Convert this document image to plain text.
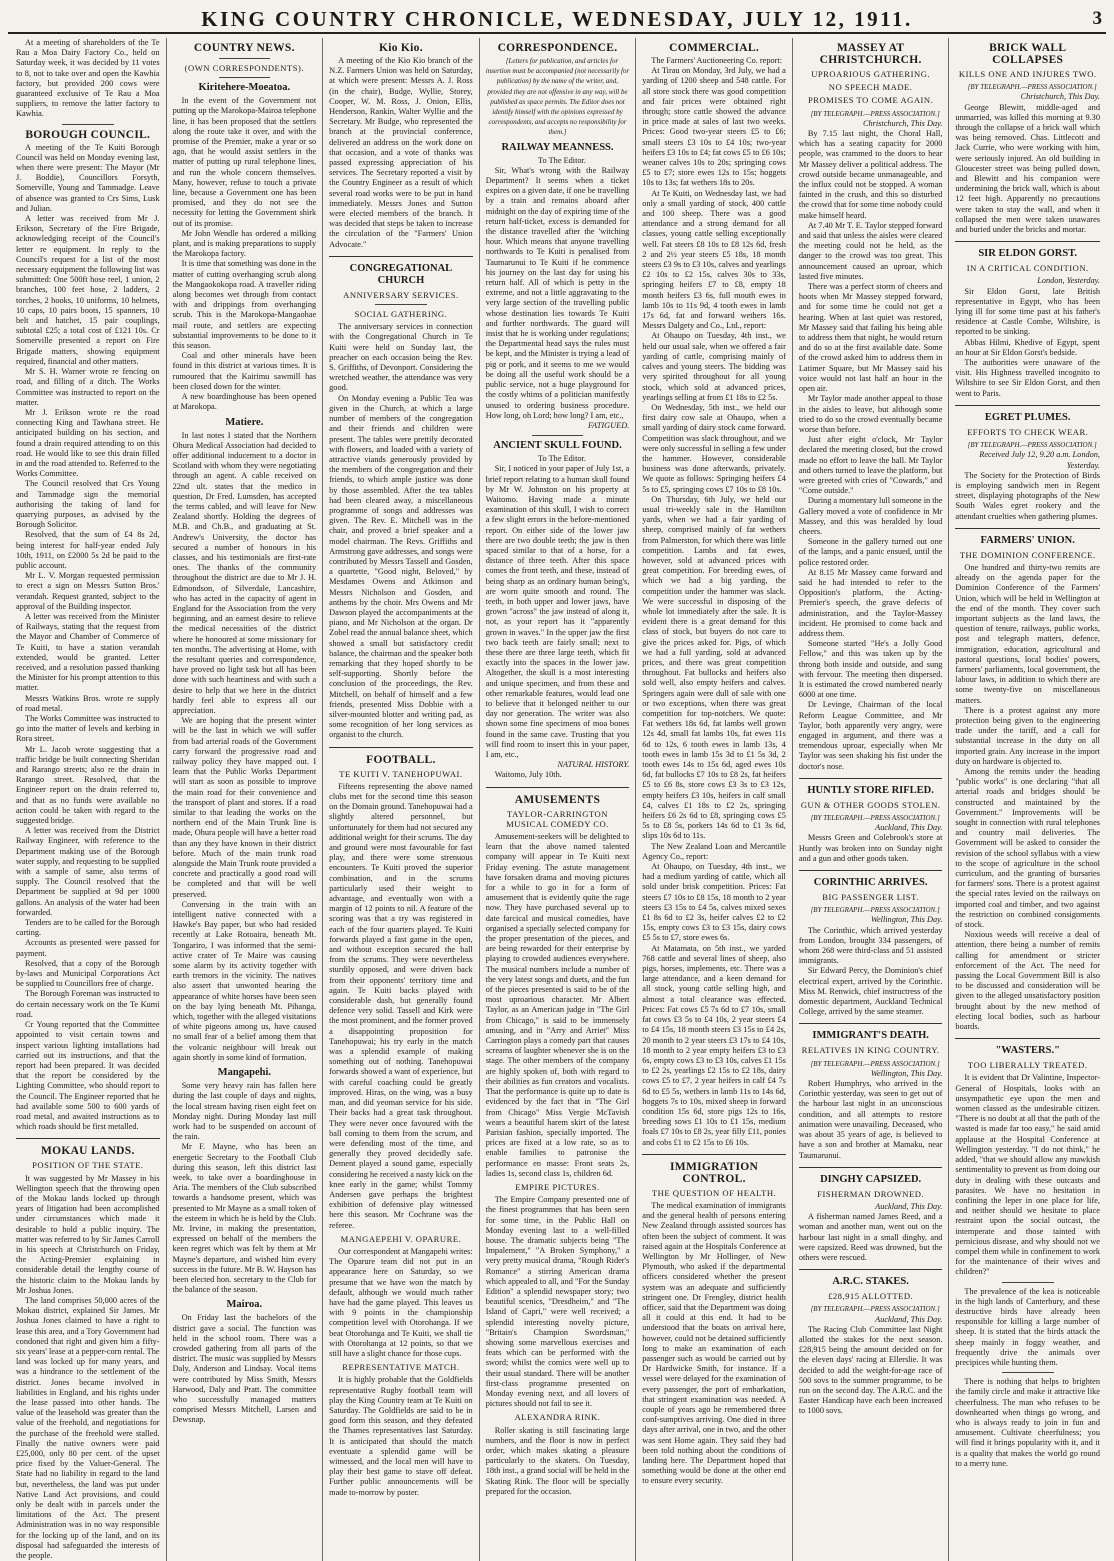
KING COUNTRY CHRONICLE, WEDNESDAY, JULY 12, 1911.	3

At a meeting of shareholders of the Te Rau a Moa Dairy Factory Co., held on Saturday week, it was decided by 11 votes to 8, not to take over and open the Kawhia factory, but provided 200 cows were guaranteed exclusive of Te Rau a Moa suppliers, to remove the latter factory to Kawhia.

BOROUGH COUNCIL.

A meeting of the Te Kuiti Borough Council was held on Monday evening last, when there were present: The Mayor (Mr J. Boddie), Councillors Forsyth, Somerville, Young and Tammadge. Leave of absence was granted to Crs Sims, Lusk and Julian.

A letter was received from Mr J. Erikson, Secretary of the Fire Brigade, acknowledging receipt of the Council's letter re equipment. In reply to the Council's request for a list of the most necessary equipment the following list was submitted: One 500ft hose reel, 1 union, 2 branches, 100 feet hose, 2 ladders, 2 torches, 2 hooks, 10 uniforms, 10 helmets, 10 caps, 10 pairs boots, 15 spanners, 10 belt and hatchet, 15 pair couplings, subtotal £25; a total cost of £121 10s. Cr Somerville presented a report on Fire Brigade matters, showing equipment required, financial and other matters.

Mr S. H. Warner wrote re fencing on road, and filling of a ditch. The Works Committee was instructed to report on the matter.

Mr J. Erikson wrote re the road connecting King and Tawhana street. He anticipated building on his section, and found a drain required attending to on this road. He would like to see this drain filled in and the road attended to. Referred to the Works Committee.

The Council resolved that Crs Young and Tammadge sign the memorial authorising the taking of land for quarrying purposes, as advised by the Borough Solicitor.

Resolved, that the sum of £4 8s 2d, being interest for half-year ended July 10th, 1911, on £2000 5s 2d be paid to the public account.

Mr L. V. Morgan requested permission to erect a sign on Messrs Sutton Bros.' verandah. Request granted, subject to the approval of the Building inspector.

A letter was received from the Minister of Railways, stating that the request from the Mayor and Chamber of Commerce of Te Kuiti, to have a station verandah extended, would be granted. Letter received, and a resolution passed thanking the Minister for his prompt attention to this matter.

Messrs Watkins Bros. wrote re supply of road metal.

The Works Committee was instructed to go into the matter of levels and kerbing in Rora street.

Mr L. Jacob wrote suggesting that a traffic bridge be built connecting Sheridan and Rarango streets; also re the drain in Rarango street. Resolved, that the Engineer report on the drain referred to, and that as no funds were available no action could be taken with regard to the suggested bridge.

A letter was received from the District Railway Engineer, with reference to the Department making use of the Borough water supply, and requesting to be supplied with a sample of same, also terms of supply. The Council resolved that the Department be supplied at 9d per 1000 gallons. An analysis of the water had been forwarded.

Tenders are to be called for the Borough carting.

Accounts as presented were passed for payment.

Resolved, that a copy of the Borough by-laws and Municipal Corporations Act be supplied to Councillors free of charge.

The Borough Foreman was instructed to do certain necessary work on the Te Kumi road.

Cr Young reported that the Committee appointed to visit certain towns and inspect various lighting installations had carried out its instructions, and that the report had been prepared. It was decided that the report be considered by the Lighting Committee, who should report to the Council. The Engineer reported that he had available some 500 to 600 yards of road metal, and awaited instructions as to which roads should be first metalled.

MOKAU LANDS.
POSITION OF THE STATE.

It was suggested by Mr Massey in his Wellington speech that the throwing open of the Mokau lands locked up through years of litigation had been accomplished under circumstances which made it desirable to hold a public inquiry. The matter was referred to by Sir James Carroll in his speech at Christchurch on Friday, the Acting-Premier explaining in considerable detail the lengthy course of the historic claim to the Mokau lands by Mr Joshua Jones.

The land comprises 50,000 acres of the Mokau district, explained Sir James. Mr Joshua Jones claimed to have a right to lease this area, and a Tory Government had condoned that right and given him a fifty-six years' lease at a pepper-corn rental. The land was locked up for many years, and was a hindrance to the settlement of the district. Jones became involved in liabilities in England, and his rights under the lease passed into other hands. The value of the leasehold was greater than the value of the freehold, and negotiations for the purchase of the freehold were stalled. Finally the native owners were paid £25,000, only 80 per cent. of the upset price fixed by the Valuer-General. The State had no liability in regard to the land but, nevertheless, the land was put under Native Land Act provisions, and could only be dealt with in parcels under the limitations of the Act. The present Administration was in no way responsible for the locking up of the land, and on its disposal had safeguarded the interests of the people.

COUNTRY NEWS.
(OWN CORRESPONDENTS).
Kiritehere-Moeatoa.

In the event of the Government not putting up the Marokopa-Mairoa telephone line, it has been proposed that the settlers along the route take it over, and with the promise of the Premier, make a year or so ago, that he would assist settlers in the matter of putting up rural telephone lines, and run the whole concern themselves. Many, however, refuse to touch a private line, because a Government one has been promised, and they do not see the necessity for letting the Government shirk out of its promise.

Mr John Wendle has ordered a milking plant, and is making preparations to supply the Marokopa factory.

It is time that something was done in the matter of cutting overhanging scrub along the Mangaokokopa road. A traveller riding along becomes wet through from contact with and drippings from overhanging scrub. This is the Marokopa-Mangaohae mail route, and settlers are expecting substantial improvements to be done to it this season.

Coal and other minerals have been found in this district at various times. It is rumoured that the Kairimu sawmill has been closed down for the winter.

A new boardinghouse has been opened at Marokopa.

Matiere.

In last notes I stated that the Northern Ohura Medical Association had decided to offer additional inducement to a doctor in Scotland with whom they were negotiating through an agent. A cable received on 22nd ult. states that the medico in question, Dr Fred. Lumsden, has accepted the terms cabled, and will leave for New Zealand shortly. Holding the degrees of M.B. and Ch.B., and graduating at St. Andrew's University, the doctor has secured a number of honours in his classes, and his testimonials are first-rate ones. The thanks of the community throughout the district are due to Mr J. H. Edmondson, of Silverdale, Lancashire, who has acted in the capacity of agent in England for the Association from the very beginning, and an earnest desire to relieve the medical necessities of the district where he honoured at some missionary for ten months. The advertising at Home, with the resultant queries and correspondence, have proved no light task but all has been done with such heartiness and with such a desire to help that we here in the district hardly feel able to express all our appreciation.

We are hoping that the present winter will be the last in which we will suffer from bad arterial roads of the Government carry forward the progressive road and railway policy they have mapped out. I learn that the Public Works Department will start as soon as possible to improve the main road for their convenience and the transport of plant and stores. If a road similar to that leading the works on the northern end of the Main Trunk line is made, Ohura people will have a better road than any they have known in their district before. Much of the main trunk road alongside the Main Trunk route provided a concrete and practically a good road will be completed and that will be well preserved.

Conversing in the train with an intelligent native connected with a Hawke's Bay paper, but who had resided recently at Lake Rotoaira, beneath Mt. Tongariro, I was informed that the semi-active crater of Te Maire was causing some alarm by its activity together with earth tremors in the vicinity. The natives also assert that unwonted hearing the appearance of white horses have been seen on the bay lying beneath Mt. Pihanga, which, together with the alleged visitations of white pigeons among us, have caused no small fear of a belief among them that the volcanic neighbour will break out again shortly in some kind of formation.

Mangapehi.

Some very heavy rain has fallen here during the last couple of days and nights, the local stream having risen eight feet on Monday night. During Monday last mill work had to be suspended on account of the rain.

Mr F. Mayne, who has been an energetic Secretary to the Football Club during this season, left this district last week, to take over a boardinghouse in Aria. The members of the Club subscribed towards a handsome present, which was presented to Mr Mayne as a small token of the esteem in which he is held by the Club. Mr. Irvine, in making the presentation, expressed on behalf of the members the keen regret which was felt by them at Mr Mayne's departure, and wished him every success in the future. Mr B. W. Hayson has been elected hon. secretary to the Club for the balance of the season.

Mairoa.

On Friday last the bachelors of the district gave a social. The function was held in the school room. There was a crowded gathering from all parts of the district. The music was supplied by Messrs Daly, Anderson and Lindsay. Vocal items were contributed by Miss Smith, Messrs Harwood, Daly and Pratt. The committee who successfully managed matters comprised Messrs Mitchell, Larsen and Dewsnap.

Kio Kio.

A meeting of the Kio Kio branch of the N.Z. Farmers Union was held on Saturday, at which were present: Messrs A. J. Ross (in the chair), Budge, Wyllie, Storey, Cooper, W. M. Ross, J. Onion, Ellis, Henderson, Rankin, Walter Wyllie and the Secretary. Mr Budge, who represented the branch at the provincial conference, delivered an address on the work done on that occasion, and a vote of thanks was passed expressing appreciation of his services. The Secretary reported a visit by the Country Engineer as a result of which several road works were to be put in hand immediately. Messrs Jones and Sutton were elected members of the branch. It was decided that steps be taken to increase the circulation of the "Farmers' Union Advocate."

CONGREGATIONAL CHURCH
ANNIVERSARY SERVICES.
SOCIAL GATHERING.

The anniversary services in connection with the Congregational Church in Te Kuiti were held on Sunday last, the preacher on each occasion being the Rev. S. Griffiths, of Devonport. Considering the wretched weather, the attendance was very good.

On Monday evening a Public Tea was given in the Church, at which a large number of members of the congregation and their friends and children were present. The tables were prettily decorated with flowers, and loaded with a variety of attractive viands generously provided by the members of the congregation and their friends, to which ample justice was done by those assembled. After the tea tables had been cleared away, a miscellaneous programme of songs and addresses was given. The Rev. E. Mitchell was in the chair, and proved a brief speaker and a model chairman. The Revs. Griffiths and Armstrong gave addresses, and songs were contributed by Messrs Tassell and Gosden, a quartette, "Good night, Beloved," by Mesdames Owens and Atkinson and Messrs Nicholson and Gosden, and anthems by the choir. Mrs Owens and Mr Dawson played the accompaniments at the piano, and Mr Nicholson at the organ. Dr Zobel read the annual balance sheet, which showed a small but satisfactory credit balance, the chairman and the speaker both remarking that they hoped shortly to be self-supporting. Shortly before the conclusion of the proceedings, the Rev. Mitchell, on behalf of himself and a few friends, presented Miss Dobbie with a silver-mounted blotter and writing pad, as some recognition of her long services as organist to the church.

FOOTBALL.
TE KUITI V. TANEHOPUWAI.

Fifteens representing the above named clubs met for the second time this season on the Domain ground. Tanehopuwai had a slightly altered personnel, but unfortunately for them had not secured any additional weight for their scrums. The day and ground were most favourable for fast play, and there were some strenuous encounters. Te Kuiti proved the superior combination, and in the scrums particularly used their weight to advantage, and eventually won with a margin of 12 points to nil. A feature of the scoring was that a try was registered in each of the four quarters played. Te Kuiti forwards played a fast game in the open, and without exception secured the ball from the scrums. They were nevertheless sturdily opposed, and were driven back from their opponents' territory time and again. Te Kuiti backs played with considerable dash, but generally found defence very solid. Tassell and Kirk were the most prominent, and the former proved a disappointing proposition for Tanehopuwai; his try early in the match was a splendid example of making something out of nothing. Tanehopuwai forwards showed a want of experience, but with careful coaching could be greatly improved. Hiras, on the wing, was a busy man, and did yeoman service for his side. Their backs had a great task throughout. They were never once favoured with the ball coming to them from the scrum, and were defending most of the time, and generally they proved decidedly safe. Dement played a sound game, especially considering he received a nasty kick on the knee early in the game; whilst Tommy Andersen gave perhaps the brightest exhibition of defensive play witnessed here this season. Mr Cochrane was the referee.

MANGAEPEHI V. OPARURE.

Our correspondent at Mangapehi writes: The Oparure team did not put in an appearance here on Saturday, so we presume that we have won the match by default, although we would much rather have had the game played. This leaves us with 9 points in the championship competition level with Otorohanga. If we beat Otorohanga and Te Kuiti, we shall tie with Otorohanga at 12 points, so that we still have a slight chance for those cups.

REPRESENTATIVE MATCH.

It is highly probable that the Goldfields representative Rugby football team will play the King Country team at Te Kuiti on Saturday. The Goldfields are said to be in good form this season, and they defeated the Thames representatives last Saturday. It is anticipated that should the match eventuate a splendid game will be witnessed, and the local men will have to play their best game to stave off defeat. Further public announcements will be made to-morrow by poster.

CORRESPONDENCE.

[Letters for publication, and articles for insertion must be accompanied (not necessarily for publication) by the name of the writer, and, provided they are not offensive in any way, will be published as space permits. The Editor does not identify himself with the opinions expressed by correspondents, and accepts no responsibility for them.]

RAILWAY MEANNESS.

To The Editor.

Sir, What's wrong with the Railway Department? It seems when a ticket expires on a given date, if one be travelling by a train and remains aboard after midnight on the day of expiring time of the return half-ticket, excess is demanded for the distance travelled after the 'witching hour. Which means that anyone travelling northwards to Te Kuiti is penalised from Taumarunui to Te Kuiti if he commence his journey on the last day for using his return half. All of which is petty in the extreme, and not a little aggravating to the very large section of the travelling public whose destination lies towards Te Kuiti and further northwards. The guard will insist that he is working under regulations; the Departmental head says the rules must be kept, and the Minister is trying a lead of pig or pork, and it seems to me we would be doing all the useful work should be a public service, not a huge playground for the costly whims of a politician manifestly unused to ordering business procedure. How long, oh Lord; how long? I am, etc.,

FATIGUED.

ANCIENT SKULL FOUND.

To The Editor.

Sir, I noticed in your paper of July 1st, a brief report relating to a human skull found by Mr W. Johnston on his property at Waitomo. Having made a minute examination of this skull, I wish to correct a few slight errors in the before-mentioned report. On either side of the lower jaw there are two double teeth; the jaw is then spaced similar to that of a horse, for a distance of three teeth. After this space comes the front teeth, and these, instead of being sharp as an ordinary human being's, are worn quite smooth and round. The teeth, in both upper and lower jaws, have grown "across" the jaw instead of along it, not, as your report has it "apparently grown in waves." In the upper jaw the first two back teeth are fairly small; next to these there are three large teeth, which fit exactly into the spaces in the lower jaw. Altogether, the skull is a most interesting and unique specimen, and from these and other remarkable features, would lead one to believe that it belonged neither to our day nor generation. The writer was also shown some fine specimens of moa bones found in the same cave. Trusting that you will find room to insert this in your paper, I am, etc.,

NATURAL HISTORY.

Waitomo, July 10th.

AMUSEMENTS
TAYLOR-CARRINGTON MUSICAL COMEDY CO.

Amusement-seekers will be delighted to learn that the above named talented company will appear in Te Kuiti next Friday evening. The astute management have forsaken drama and moving pictures for a while to go in for a form of amusement that is evidently quite the rage now. They have purchased several up to date farcical and musical comedies, have organised a specially selected company for the proper presentation of the pieces, and are being rewarded for their enterprise by playing to crowded audiences everywhere. The musical numbers include a number of the very latest songs and duets, and the fun of the pieces presented is said to be of the most uproarious character. Mr Albert Taylor, as an American judge in "The Girl from Chicago," is said to be immensely amusing, and in "Arry and Arriet" Miss Carrington plays a comedy part that causes screams of laughter whenever she is on the stage. The other members of the company are highly spoken of, both with regard to their abilities as fun creators and vocalists. That the performance is quite up to date is evidenced by the fact that in "The Girl from Chicago" Miss Vergie McTavish wears a beautiful harem skirt of the latest Parisian fashion, specially imported. The prices are fixed at a low rate, so as to enable families to patronise the performance en masse: Front seats 2s, ladies 1s, second class 1s, children 6d.

EMPIRE PICTURES.

The Empire Company presented one of the finest programmes that has been seen for some time, in the Public Hall on Monday evening last to a well-filled house. The dramatic subjects being "The Impalement," "A Broken Symphony," a very pretty musical drama, "Rough Rider's Romance" a stirring American drama which appealed to all, and "For the Sunday Edition" a splendid newspaper story; two beautiful scenics, "Dresdheim," and "The Island of Capri," were well received; a splendid interesting novelty picture, "Britain's Champion Swordsman," showing some marvellous exercises and feats which can be performed with the sword; whilst the comics were well up to their usual standard. There will be another first-class programme presented on Monday evening next, and all lovers of pictures should not fail to see it.

ALEXANDRA RINK.

Roller skating is still fascinating large numbers, and the floor is now in perfect order, which makes skating a pleasure particularly to the skaters. On Tuesday, 18th inst., a grand social will be held in the Skating Rink. The floor will be specially prepared for the occasion.

COMMERCIAL.

The Farmers' Auctioneering Co. report:

At Tirau on Monday, 3rd July, we had a yarding of 1200 sheep and 548 cattle. For all store stock there was good competition and fair prices were obtained right through; store cattle showed the advance in price made at sales of last two weeks. Prices: Good two-year steers £5 to £6; small steers £3 10s to £4 10s; two-year heifers £3 10s to £4; fat cows £5 to £6 10s; weaner calves 10s to 20s; springing cows £5 to £7; store ewes 12s to 15s; hoggets 10s to 13s; fat wethers 18s to 20s.

At Te Kuiti, on Wednesday last, we had only a small yarding of stock, 400 cattle and 100 sheep. There was a good attendance and a strong demand for all classes, young cattle selling exceptionally well. Fat steers £8 10s to £8 12s 6d, fresh 2 and 2½ year steers £5 18s, 18 month steers £3 9s to £3 10s, calves and yearlings £2 10s to £2 15s, calves 30s to 33s, springing heifers £7 to £8, empty 18 month heifers £3 6s, full mouth ewes in lamb 10s to 11s 9d, 4 tooth ewes in lamb 17s 6d, fat and forward wethers 16s. Messrs Dalgety and Co., Ltd., report:

At Ohaupo on Tuesday, 4th inst., we held our usual sale, when we offered a fair yarding of cattle, comprising mainly of calves and young steers. The bidding was very spirited throughout for all young stock, which sold at advanced prices, yearlings selling at from £1 18s to £2 5s.

On Wednesday, 5th inst., we held our first dairy cow sale at Ohaupo, when a small yarding of dairy stock came forward. Competition was slack throughout, and we were only successful in selling a few under the hammer. However, considerable business was done afterwards, privately. We quote as follows: Springing heifers £4 5s to £5, springing cows £7 10s to £8 10s.

On Thursday, 6th July, we held our usual tri-weekly sale in the Hamilton yards, when we had a fair yarding of sheep, comprised mainly of fat wethers from Palmerston, for which there was little competition. Lambs and fat ewes, however, sold at advanced prices with great competition. For breeding ewes, of which we had a big yarding, the competition under the hammer was slack. We were successful in disposing of the whole lot immediately after the sale. It is evident there is a great demand for this class of stock, but buyers do not care to give the prices asked for. Pigs, of which we had a full yarding, sold at advanced prices, and there was great competition throughout. Fat bullocks and heifers also sold well, also empty heifers and calves. Springers again were dull of sale with one or two exceptions, when there was great competition for top-notchers. We quote: Fat wethers 18s 6d, fat lambs well grown 12s 4d, small fat lambs 10s, fat ewes 11s 6d to 12s, 6 tooth ewes in lamb 13s, 4 tooth ewes in lamb 15s 3d to £1 5s 3d, 2 tooth ewes 14s to 15s 6d, aged ewes 10s 6d, fat bullocks £7 10s to £8 2s, fat heifers £5 to £6 8s, store cows £3 3s to £3 12s, empty heifers £3 10s, heifers in calf small £4, calves £1 18s to £2 2s, springing heifers £6 2s 6d to £8, springing cows £5 5s to £8 5s, porkers 14s 6d to £1 3s 6d, slips 10s 6d to 11s.

The New Zealand Loan and Mercantile Agency Co., report:

At Ohaupo, on Tuesday, 4th inst., we had a medium yarding of cattle, which all sold under brisk competition. Prices: Fat steers £7 10s to £8 15s, 18 month to 2 year steers £3 15s to £4 5s, calves mixed sexes £1 8s 6d to £2 3s, heifer calves £2 to £2 15s, empty cows £3 to £3 15s, dairy cows £5 5s to £7, store ewes 6s.

At Matamata, on 5th inst., we yarded 768 cattle and several lines of sheep, also pigs, horses, implements, etc. There was a large attendance, and a keen demand for all stock, young cattle selling high, and almost a total clearance was effected. Prices: Fat cows £5 7s 6d to £7 10s, small fat cows £3 5s to £4 10s, 2 year steers £4 to £4 15s, 18 month steers £3 15s to £4 2s, 20 month to 2 year steers £3 17s to £4 10s, 18 month to 2 year empty heifers £3 to £3 6s, empty cows £3 to £3 10s, calves £1 15s to £2 2s, yearlings £2 15s to £2 18s, dairy cows £5 to £7, 2 year heifers in calf £4 7s 6d to £5 5s, wethers in lamb 11s to 14s 6d, hoggets 7s to 10s, mixed sheep in forward condition 15s 6d, store pigs 12s to 16s, breeding sows £1 10s to £1 15s, medium foals £7 10s to £8 2s, year filly £11, ponies and cobs £1 to £2 15s to £6 10s.

IMMIGRATION CONTROL.
THE QUESTION OF HEALTH.

The medical examination of immigrants and the general health of persons entering New Zealand through assisted sources has often been the subject of comment. It was raised again at the Hospitals Conference at Wellington by Mr Hollinger, of New Plymouth, who asked if the departmental officers considered whether the present system was an adequate and sufficiently stringent one. Dr Frengley, district health officer, said that the Department was doing all it could at this end. It had to be understood that the boats on arrival here, however, could not be detained sufficiently long to make an examination of each passenger such as would be carried out by Dr Hardwicke Smith, for instance. If a vessel were delayed for the examination of every passenger, the port of embarkation, that stringent examination was needed. A couple of years ago he remembered three conf-sumptives arriving. One died in three days after arrival, one in two, and the other was sent Home again. They said they had been told nothing about the conditions of landing here. The Department hoped that something would be done at the other end to ensure every security.

MASSEY AT CHRISTCHURCH.
UPROARIOUS GATHERING.
NO SPEECH MADE.
PROMISES TO COME AGAIN.

[BY TELEGRAPH.—PRESS ASSOCIATION.]

Christchurch, This Day.

By 7.15 last night, the Choral Hall, which has a seating capacity for 2000 people, was crammed to the doors to hear Mr Massey deliver a political address. The crowd outside became unmanageable, and the influx could not be stopped. A woman fainted in the crush, and this so disturbed the crowd that for some time nobody could make himself heard.

At 7.40 Mr T. E. Taylor stepped forward and said that unless the aisles were cleared the meeting could not be held, as the danger to the crowd was too great. This announcement caused an uproar, which lasted five minutes.

There was a perfect storm of cheers and hoots when Mr Massey stepped forward, and for some time he could not get a hearing. When at last quiet was restored, Mr Massey said that failing his being able to address them that night, he would return and do so at the first available date. Some of the crowd asked him to address them in Latimer Square, but Mr Massey said his voice would not last half an hour in the open air.

Mr Taylor made another appeal to those in the aisles to leave, but although some tried to do so the crowd eventually became worse than before.

Just after eight o'clock, Mr Taylor declared the meeting closed, but the crowd made no effort to leave the hall. Mr Taylor and others turned to leave the platform, but were greeted with cries of "Cowards," and "Come outside."

During a momentary lull someone in the Gallery moved a vote of confidence in Mr Massey, and this was heralded by loud cheers.

Someone in the gallery turned out one of the lamps, and a panic ensued, until the police restored order.

At 8.15 Mr Massey came forward and said he had intended to refer to the Opposition's platform, the Acting-Premier's speech, the grave defects of administration, and the Taylor-Massey incident. He promised to come back and address them.

Someone started "He's a Jolly Good Fellow," and this was taken up by the throng both inside and outside, and sung with fervour. The meeting then dispersed. It is estimated the crowd numbered nearly 6000 at one time.

Dr Levinge, Chairman of the local Reform League Committee, and Mr Taylor, both apparently very angry, were engaged in argument, and there was a tremendous uproar, especially when Mr Taylor was seen shaking his fist under the doctor's nose.

HUNTLY STORE RIFLED.
GUN & OTHER GOODS STOLEN.

[BY TELEGRAPH.—PRESS ASSOCIATION.]

Auckland, This Day.

Messrs Green and Colebrook's store at Huntly was broken into on Sunday night and a gun and other goods taken.

CORINTHIC ARRIVES.
BIG PASSENGER LIST.

[BY TELEGRAPH.—PRESS ASSOCIATION.]

Wellington, This Day.

The Corinthic, which arrived yesterday from London, brought 334 passengers, of whom 268 were third-class and 51 assisted immigrants.

Sir Edward Percy, the Dominion's chief electrical expert, arrived by the Corinthic. Miss M. Renwick, chief instructress of the domestic department, Auckland Technical College, arrived by the same steamer.

IMMIGRANT'S DEATH.
RELATIVES IN KING COUNTRY.

[BY TELEGRAPH.—PRESS ASSOCIATION.]

Wellington, This Day.

Robert Humphrys, who arrived in the Corinthic yesterday, was seen to get out of the harbour last night in an unconscious condition, and all attempts to restore animation were unavailing. Deceased, who was about 35 years of age, is believed to have a son and brother at Mamaku, near Taumarunui.

DINGHY CAPSIZED.
FISHERMAN DROWNED.

Auckland, This Day.

A fisherman named James Reed, and a woman and another man, went out on the harbour last night in a small dinghy, and were capsized. Reed was drowned, but the others were rescued.

A.R.C. STAKES.
£28,915 ALLOTTED.

[BY TELEGRAPH.—PRESS ASSOCIATION.]

Auckland, This Day.

The Racing Club Committee last Night allotted the stakes for the next season. £28,915 being the amount decided on for the eleven days' racing at Ellerslie. It was decided to add the weight-for-age race of 500 sovs to the summer programme, to be run on the second day. The A.R.C. and the Easter Handicap have each been increased to 1000 sovs.

BRICK WALL COLLAPSES
KILLS ONE AND INJURES TWO.

[BY TELEGRAPH.—PRESS ASSOCIATION.]

Christchurch, This Day.

George Blewitt, middle-aged and unmarried, was killed this morning at 9.30 through the collapse of a brick wall which was being removed. Chas. Littlecott and Jack Currie, who were working with him, were seriously injured. An old building in Gloucester street was being pulled down, and Blewitt and his companion were undermining the brick wall, which is about 12 feet high. Apparently no precautions were taken to stay the wall, and when it collapsed the men were taken unawares and buried under the bricks and mortar.

SIR ELDON GORST.
IN A CRITICAL CONDITION.

London, Yesterday.

Sir Eldon Gorst, late British representative in Egypt, who has been lying ill for some time past at his father's residence at Castle Combe, Wiltshire, is reported to be sinking.

Abbas Hilmi, Khedive of Egypt, spent an hour at Sir Eldon Gorst's bedside.

The authorities were unaware of the visit. His Highness travelled incognito to Wiltshire to see Sir Eldon Gorst, and then went to Paris.

EGRET PLUMES.
EFFORTS TO CHECK WEAR.

[BY TELEGRAPH.—PRESS ASSOCIATION.]

Received July 12, 9.20 a.m. London, Yesterday.

The Society for the Protection of Birds is employing sandwich men in Regent street, displaying photographs of the New South Wales egret rookery and the attendant cruelties when gathering plumes.

FARMERS' UNION.
THE DOMINION CONFERENCE.

One hundred and thirty-two remits are already on the agenda paper for the Dominion Conference of the Farmers' Union, which will be held in Wellington at the end of the month. They cover such important subjects as the land laws, the question of tenure, railways, public works, post and telegraph matters, defence, immigration, education, agricultural and pastoral questions, local bodies' powers, farmers' parliaments, local government, the labour laws, in addition to which there are some twenty-five on miscellaneous matters.

There is a protest against any more protection being given to the engineering trade under the tariff, and a call for substantial increase in the duty on all imported grain. Any increase in the import duty on hardware is objected to.

Among the remits under the heading "public works" is one declaring "that all arterial roads and bridges should be constructed and maintained by the Government." Improvements will be sought in connection with rural telephones and country mail deliveries. The Government will be asked to consider the revision of the school syllabus with a view to the scope of agriculture in the school curriculum, and the granting of bursaries for farmers' sons. There is a protest against the special rates levied on the railways on imported coal and timber, and two against the restriction on combined consignments of stock.

Noxious weeds will receive a deal of attention, there being a number of remits calling for amendment or stricter enforcement of the Act. The need for passing the Local Government Bill is also to be discussed and consideration will be given to the alleged unsatisfactory position brought about by the new method of electing local bodies, such as harbour boards.

"WASTERS."
TOO LIBERALLY TREATED.

It is evident that Dr Valintine, Inspector-General of Hospitals, looks with an unsympathetic eye upon the men and women classed as the undesirable citizen. "There is no doubt at all that the path of the wasted is made far too easy," he said amid applause at the Hospital Conference at Wellington yesterday. "I do not think," he added, "that we should allow any mawkish sentimentality to prevent us from doing our duty in dealing with these outcasts and parasites. We have no hesitation in confining the leper in one place for life, and neither should we hesitate to place restraint upon the social outcast, the intemperate and those tainted with pernicious disease, and why should not we compel them while in confinement to work for the maintenance of their wives and children?"

The prevalence of the kea is noticeable in the high lands of Canterbury, and these destructive birds have already been responsible for killing a large number of sheep. It is stated that the birds attack the sheep mainly in foggy weather, and frequently drive the animals over precipices while hunting them.

There is nothing that helps to brighten the family circle and make it attractive like cheerfulness. The man who refuses to be downhearted when things go wrong, and who is always ready to join in fun and amusement. Cultivate cheerfulness; you will find it brings popularity with it, and it is a quality that makes the world go round to a merry tune.
